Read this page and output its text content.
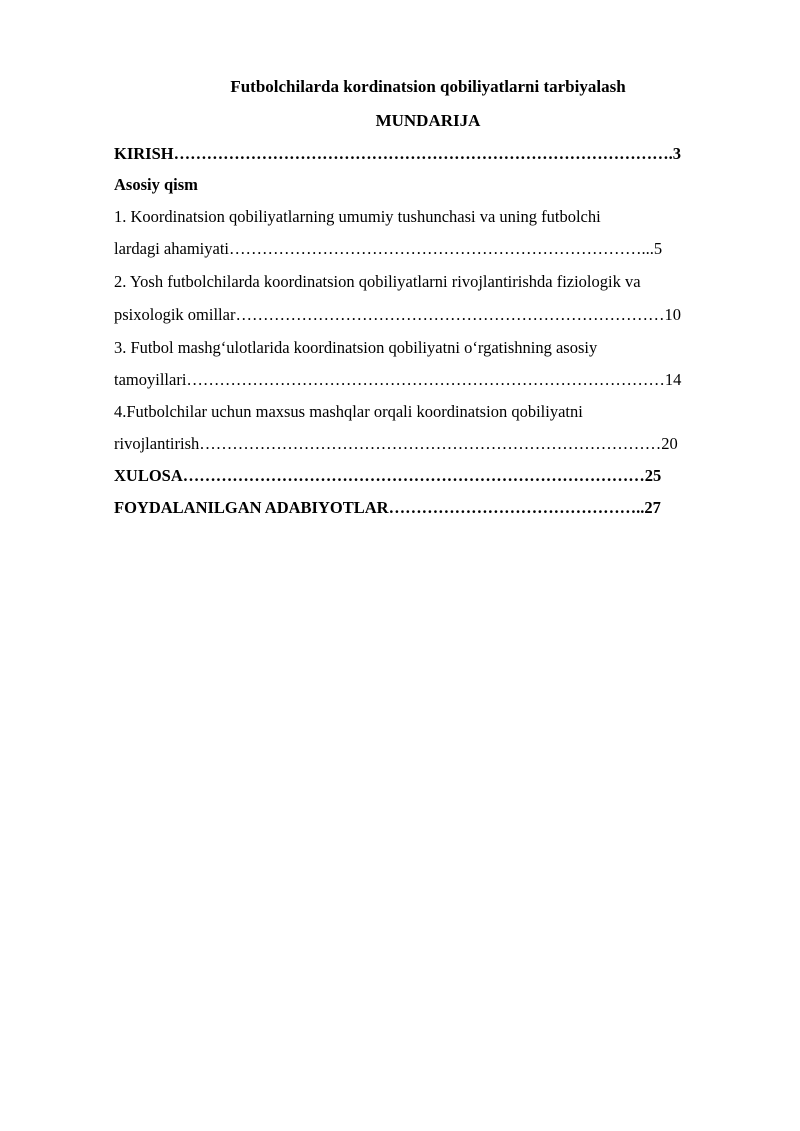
Futbolchilarda kordinatsion qobiliyatlarni tarbiyalash
MUNDARIJA
KIRISH……………………………………………………………………………….3
Asosiy qism
1. Koordinatsion qobiliyatlarning umumiy tushunchasi va uning futbolchi
lardagi ahamiyati…………………………………………………………………...5
2. Yosh futbolchilarda koordinatsion qobiliyatlarni rivojlantirishda fiziologik va
psixologik omillar……………………………………………………………………10
3. Futbol mashg‘ulotlarida koordinatsion qobiliyatni o‘rgatishning asosiy
tamoyillari……………………………………………………………………………14
4.Futbolchilar uchun maxsus mashqlar orqali koordinatsion qobiliyatni
rivojlantirish…………………………………………………………………………20
XULOSA…………………………………………………………………………25
FOYDALANILGAN ADABIYOTLAR………………………………………..27
